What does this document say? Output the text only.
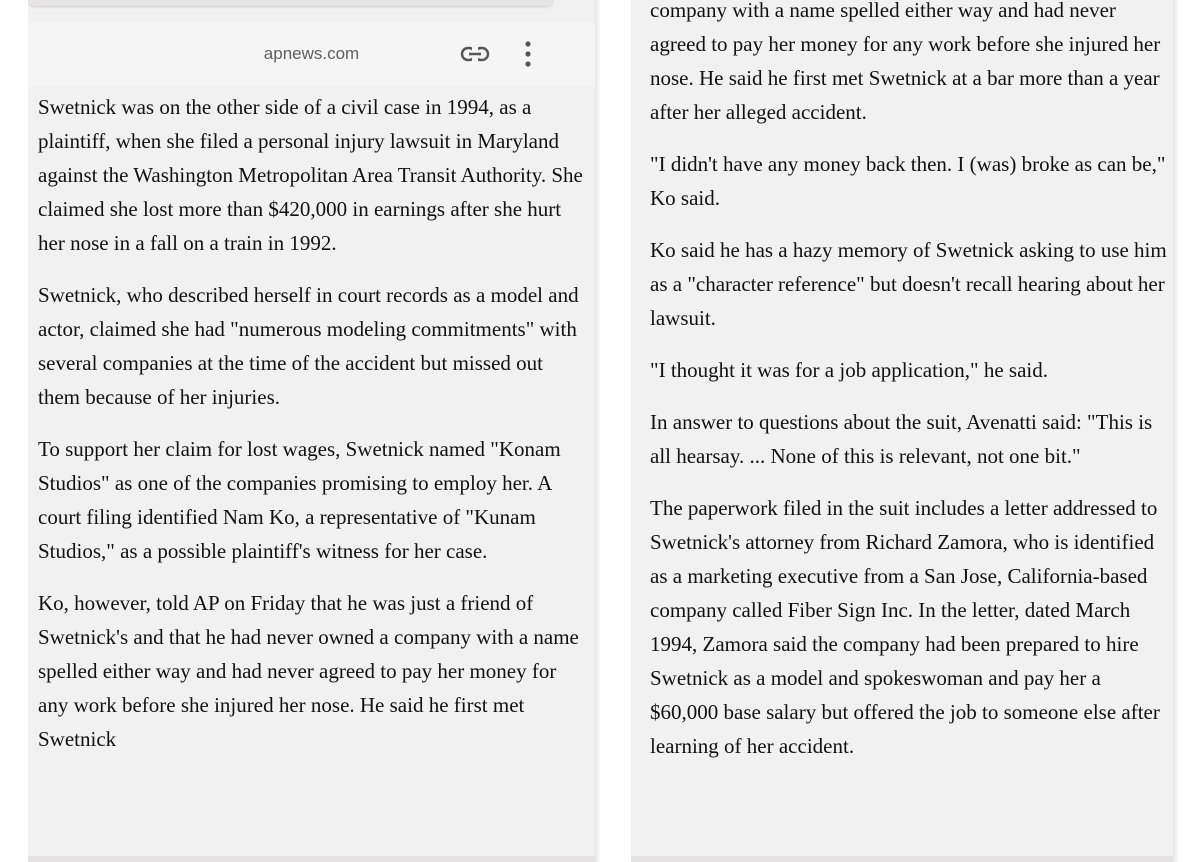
apnews.com

Swetnick was on the other side of a civil case in 1994, as a plaintiff, when she filed a personal injury lawsuit in Maryland against the Washington Metropolitan Area Transit Authority. She claimed she lost more than $420,000 in earnings after she hurt her nose in a fall on a train in 1992.

Swetnick, who described herself in court records as a model and actor, claimed she had "numerous modeling commitments" with several companies at the time of the accident but missed out them because of her injuries.

To support her claim for lost wages, Swetnick named "Konam Studios" as one of the companies promising to employ her. A court filing identified Nam Ko, a representative of "Kunam Studios," as a possible plaintiff's witness for her case.

Ko, however, told AP on Friday that he was just a friend of Swetnick's and that he had never owned a company with a name spelled either way and had never agreed to pay her money for any work before she injured her nose. He said he first met Swetnick

company with a name spelled either way and had never agreed to pay her money for any work before she injured her nose. He said he first met Swetnick at a bar more than a year after her alleged accident.

"I didn't have any money back then. I (was) broke as can be," Ko said.

Ko said he has a hazy memory of Swetnick asking to use him as a "character reference" but doesn't recall hearing about her lawsuit.

"I thought it was for a job application," he said.

In answer to questions about the suit, Avenatti said: "This is all hearsay. ... None of this is relevant, not one bit."

The paperwork filed in the suit includes a letter addressed to Swetnick's attorney from Richard Zamora, who is identified as a marketing executive from a San Jose, California-based company called Fiber Sign Inc. In the letter, dated March 1994, Zamora said the company had been prepared to hire Swetnick as a model and spokeswoman and pay her a $60,000 base salary but offered the job to someone else after learning of her accident.
